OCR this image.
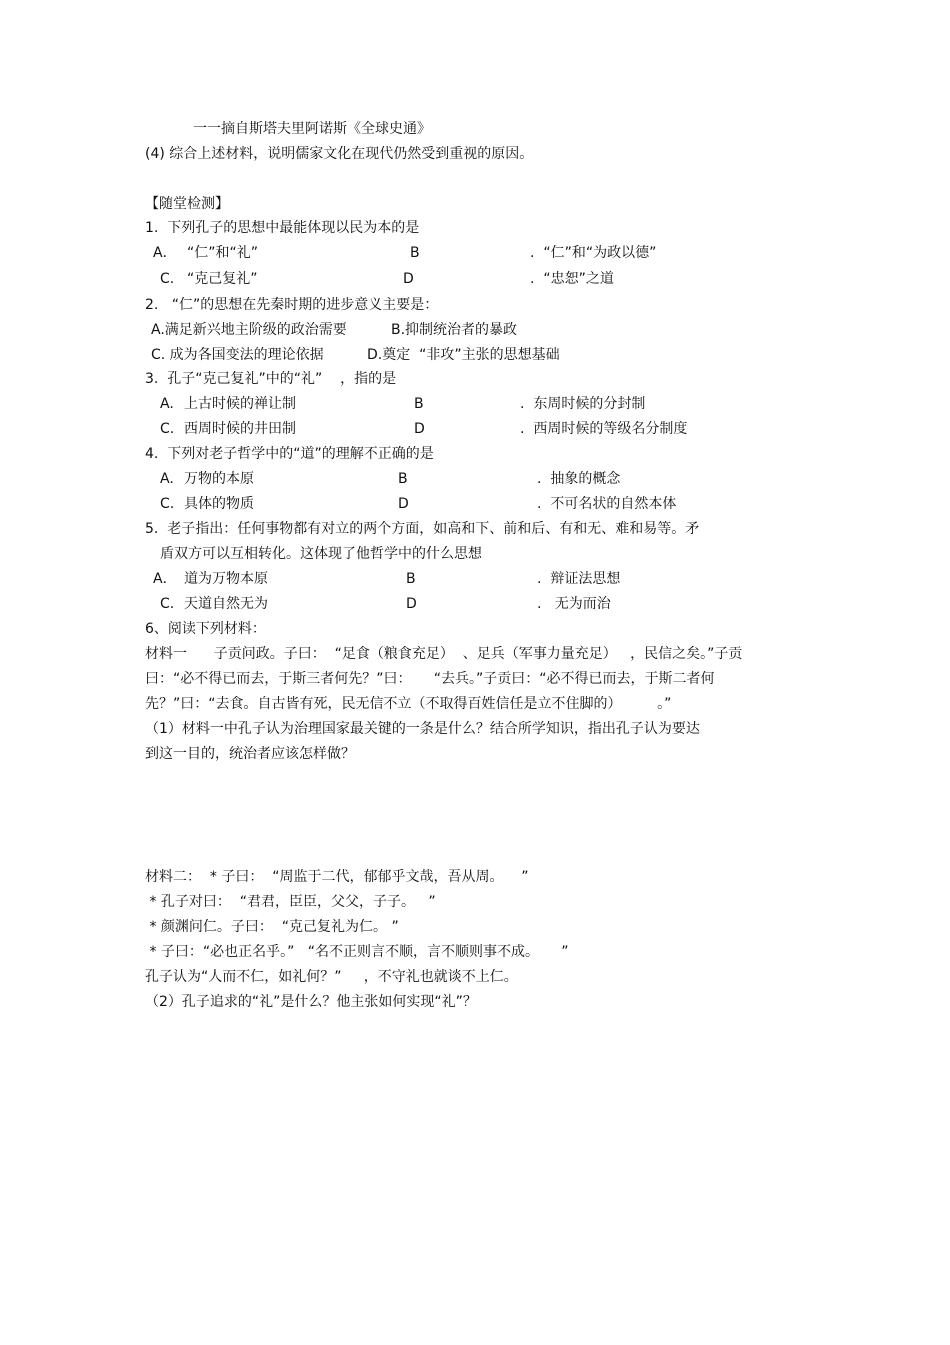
一一摘自斯塔夫里阿诺斯《全球史通》
(4) 综合上述材料，说明儒家文化在现代仍然受到重视的原因。
【随堂检测】
1.  下列孔子的思想中最能体现以民为本的是
A． “仁”和“礼”	B	.  “仁”和“为政以德”
C. “克己复礼”	D	.  “忠恕”之道
2.   “仁”的思想在先秦时期的进步意义主要是：
A.满足新兴地主阶级的政治需要	B.抑制统治者的暴政
C. 成为各国变法的理论依据	D.奠定  “非攻”主张的思想基础
3.  孔子“克己复礼”中的“礼”    ，指的是
A. 上古时候的禅让制	B	.  东周时候的分封制
C. 西周时候的井田制	D	.  西周时候的等级名分制度
4.  下列对老子哲学中的“道”的理解不正确的是
A. 万物的本原	B	.  抽象的概念
C. 具体的物质	D	.  不可名状的自然本体
5.  老子指出：任何事物都有对立的两个方面，如高和下、前和后、有和无、难和易等。矛
盾双方可以互相转化。这体现了他哲学中的什么思想
A． 道为万物本原	B	.  辩证法思想
C. 天道自然无为	D	.   无为而治
6、阅读下列材料：
材料一      子贡问政。子曰：  “足食（粮食充足）  、足兵（军事力量充足）   ，民信之矣。”子贡
曰：“必不得已而去，于斯三者何先？”曰：     “去兵。”子贡曰：“必不得已而去，于斯二者何
先？”曰：“去食。自古皆有死，民无信不立（不取得百姓信任是立不住脚的）        。”
（1）材料一中孔子认为治理国家最关键的一条是什么？结合所学知识，指出孔子认为要达
到这一目的，统治者应该怎样做？
材料二：  * 子曰：  “周监于二代，郁郁乎文哉，吾从周。    ”
* 孔子对曰：  “君君，臣臣，父父，子子。   ”
* 颜渊问仁。子曰：  “克己复礼为仁。 ”
* 子曰：“必也正名乎。”   “名不正则言不顺，言不顺则事不成。     ”
孔子认为“人而不仁，如礼何？”     ，不守礼也就谈不上仁。
（2）孔子追求的“礼”是什么？他主张如何实现“礼”？
